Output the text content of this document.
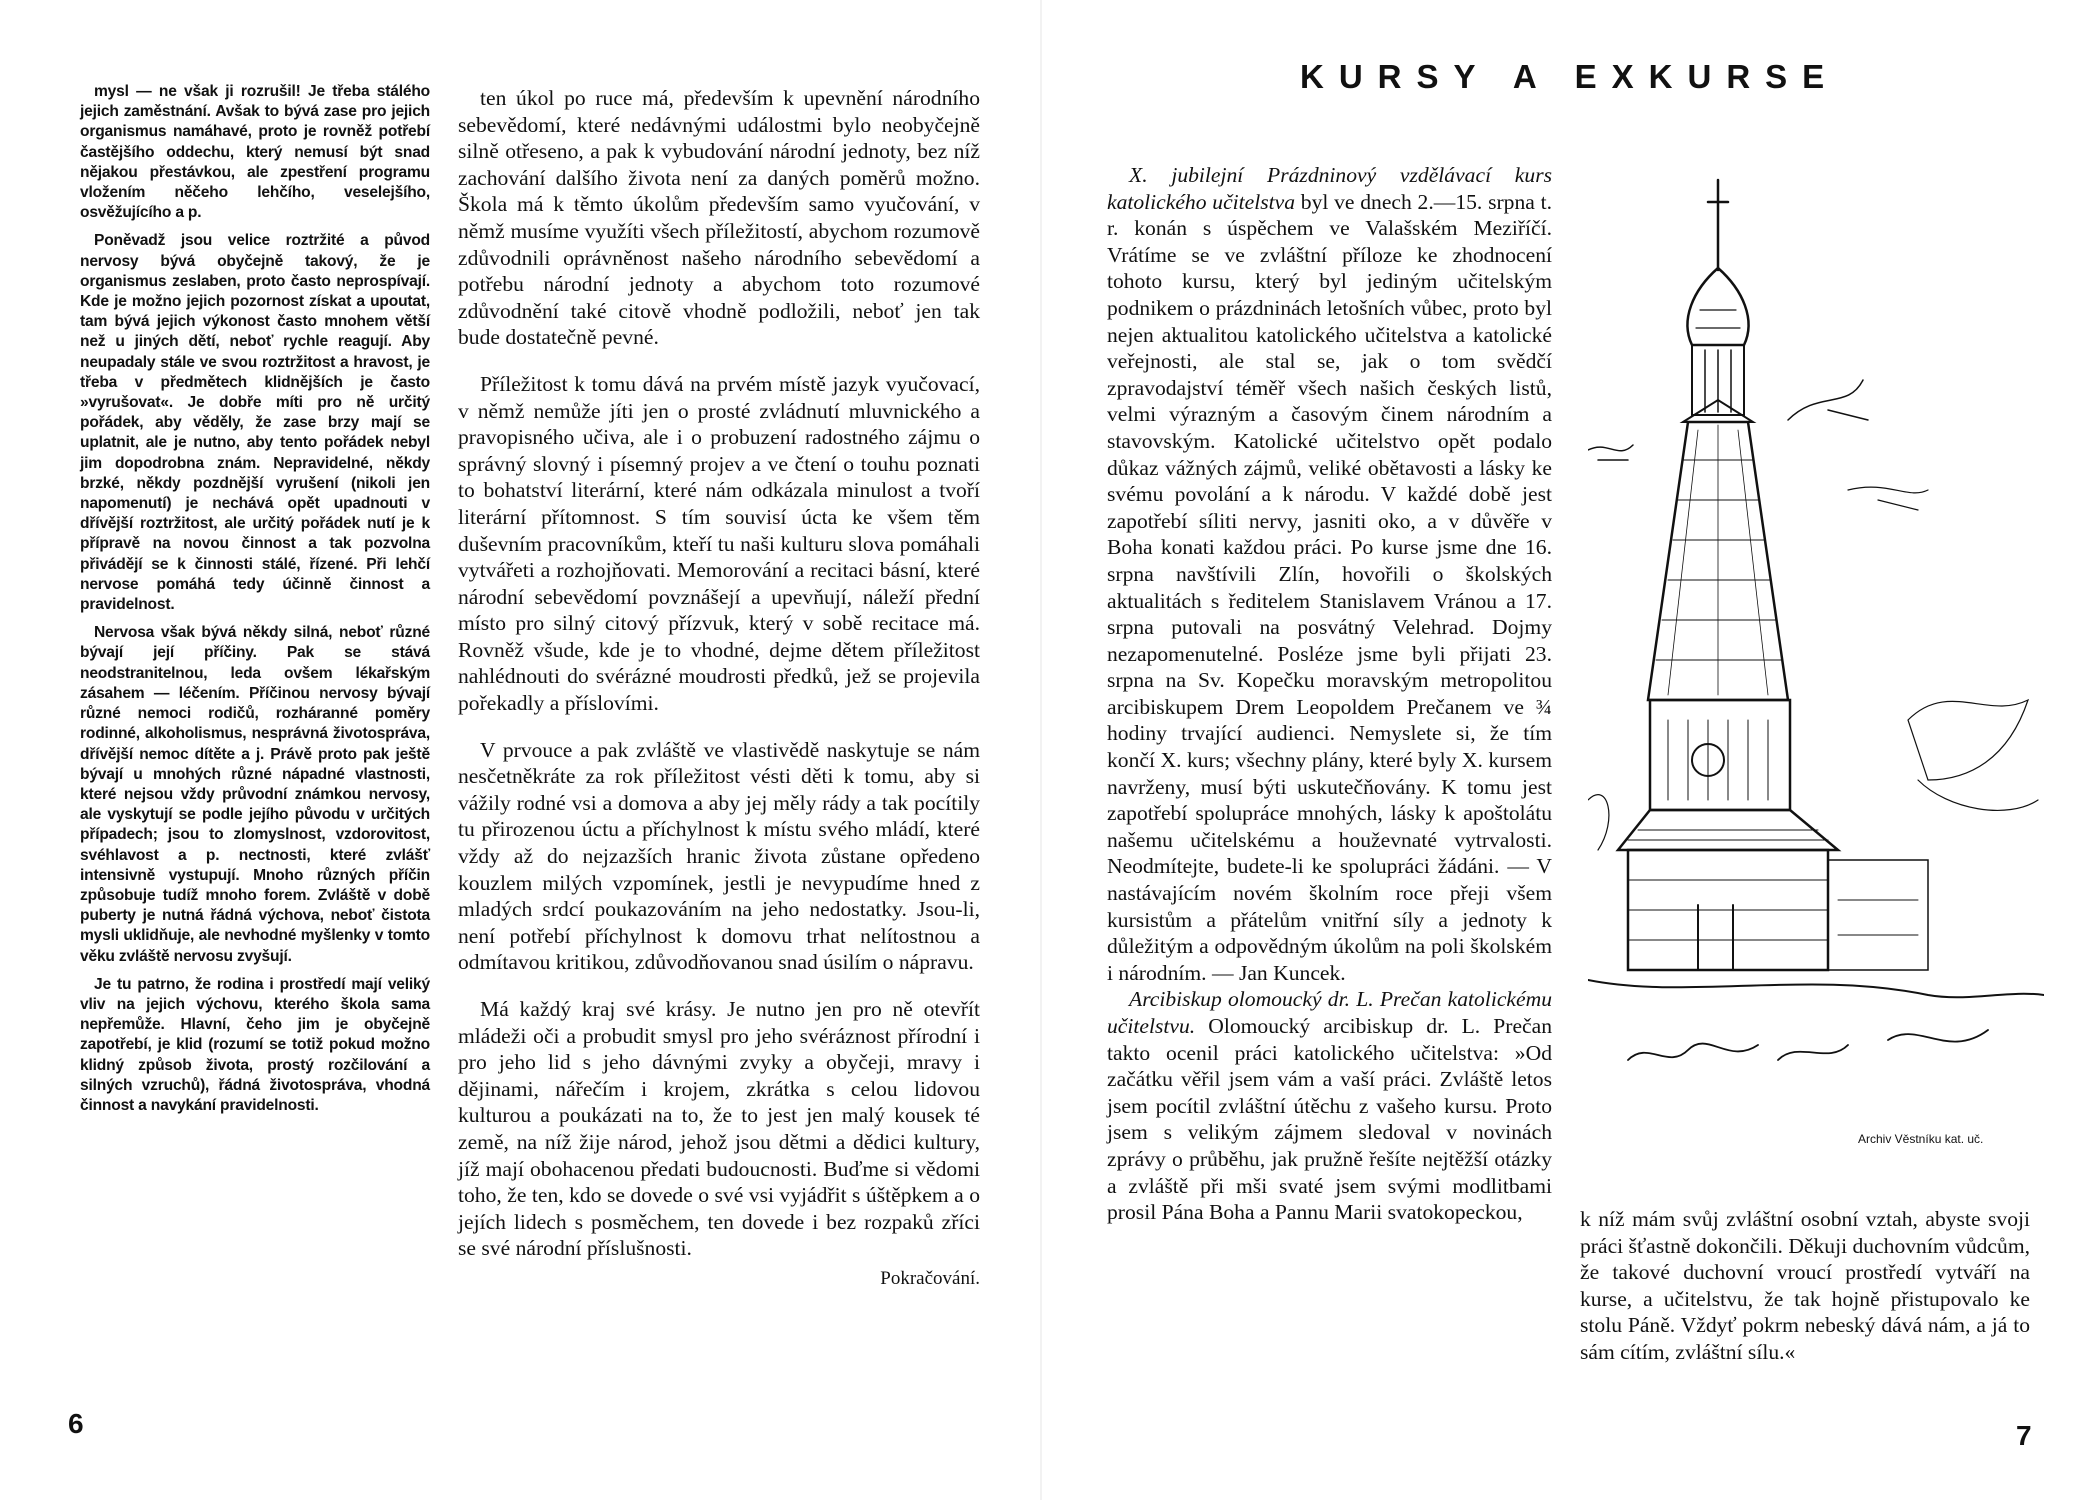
mysl — ne však ji rozrušil! Je třeba stálého jejich zaměstnání. Avšak to bývá zase pro jejich organismus namáhavé, proto je rovněž potřebí častějšího oddechu, který nemusí být snad nějakou přestávkou, ale zpestření programu vložením něčeho lehčího, veselejšího, osvěžujícího a p.

Poněvadž jsou velice roztržité a původ nervosy bývá obyčejně takový, že je organismus zeslaben, proto často neprospívají. Kde je možno jejich pozornost získat a upoutat, tam bývá jejich výkonost často mnohem větší než u jiných dětí, neboť rychle reagují. Aby neupadaly stále ve svou roztržitost a hravost, je třeba v předmětech klidnějších je často »vyrušovat«. Je dobře míti pro ně určitý pořádek, aby věděly, že zase brzy mají se uplatnit, ale je nutno, aby tento pořádek nebyl jim dopodrobna znám. Nepravidelné, někdy brzké, někdy pozdnější vyrušení (nikoli jen napomenutí) je nechává opět upadnouti v dřívější roztržitost, ale určitý pořádek nutí je k přípravě na novou činnost a tak pozvolna přivádějí se k činnosti stálé, řízené. Při lehčí nervose pomáhá tedy účinně činnost a pravidelnost.

Nervosa však bývá někdy silná, neboť různé bývají její příčiny. Pak se stává neodstranitelnou, leda ovšem lékařským zásahem — léčením. Příčinou nervosy bývají různé nemoci rodičů, rozháranné poměry rodinné, alkoholismus, nesprávná životospráva, dřívější nemoc dítěte a j. Právě proto pak ještě bývají u mnohých různé nápadné vlastnosti, které nejsou vždy průvodní známkou nervosy, ale vyskytují se podle jejího původu v určitých případech; jsou to zlomyslnost, vzdorovitost, svéhlavost a p. nectnosti, které zvlášť intensivně vystupují. Mnoho různých příčin způsobuje tudíž mnoho forem. Zvláště v době puberty je nutná řádná výchova, neboť čistota mysli uklidňuje, ale nevhodné myšlenky v tomto věku zvláště nervosu zvyšují.

Je tu patrno, že rodina i prostředí mají veliký vliv na jejich výchovu, kterého škola sama nepřemůže. Hlavní, čeho jim je obyčejně zapotřebí, je klid (rozumí se totiž pokud možno klidný způsob života, prostý rozčilování a silných vzruchů), řádná životospráva, vhodná činnost a navykání pravidelnosti.

ten úkol po ruce má, především k upevnění národního sebevědomí, které nedávnými událostmi bylo neobyčejně silně otřeseno, a pak k vybudování národní jednoty, bez níž zachování dalšího života není za daných poměrů možno. Škola má k těmto úkolům především samo vyučování, v němž musíme využíti všech příležitostí, abychom rozumově zdůvodnili oprávněnost našeho národního sebevědomí a potřebu národní jednoty a abychom toto rozumové zdůvodnění také citově vhodně podložili, neboť jen tak bude dostatečně pevné.

Příležitost k tomu dává na prvém místě jazyk vyučovací, v němž nemůže jíti jen o prosté zvládnutí mluvnického a pravopisného učiva, ale i o probuzení radostného zájmu o správný slovný i písemný projev a ve čtení o touhu poznati to bohatství literární, které nám odkázala minulost a tvoří literární přítomnost. S tím souvisí úcta ke všem těm duševním pracovníkům, kteří tu naši kulturu slova pomáhali vytvářeti a rozhojňovati. Memorování a recitaci básní, které národní sebevědomí povznášejí a upevňují, náleží přední místo pro silný citový přízvuk, který v sobě recitace má. Rovněž všude, kde je to vhodné, dejme dětem příležitost nahlédnouti do svérázné moudrosti předků, jež se projevila pořekadly a příslovími.

V prvouce a pak zvláště ve vlastivědě naskytuje se nám nesčetněkráte za rok příležitost vésti děti k tomu, aby si vážily rodné vsi a domova a aby jej měly rády a tak pocítily tu přirozenou úctu a příchylnost k místu svého mládí, které vždy až do nejzazších hranic života zůstane opředeno kouzlem milých vzpomínek, jestli je nevypudíme hned z mladých srdcí poukazováním na jeho nedostatky. Jsou-li, není potřebí příchylnost k domovu trhat nelítostnou a odmítavou kritikou, zdůvodňovanou snad úsilím o nápravu.

Má každý kraj své krásy. Je nutno jen pro ně otevřít mládeži oči a probudit smysl pro jeho svéráznost přírodní i pro jeho lid s jeho dávnými zvyky a obyčeji, mravy i dějinami, nářečím i krojem, zkrátka s celou lidovou kulturou a poukázati na to, že to jest jen malý kousek té země, na níž žije národ, jehož jsou dětmi a dědici kultury, jíž mají obohacenou předati budoucnosti. Buďme si vědomi toho, že ten, kdo se dovede o své vsi vyjádřit s úštěpkem a o jejích lidech s posměchem, ten dovede i bez rozpaků zříci se své národní příslušnosti.

Pokračování.

6
KURSY A EXKURSE

X. jubilejní Prázdninový vzdělávací kurs katolického učitelstva byl ve dnech 2.—15. srpna t. r. konán s úspěchem ve Valašském Meziříčí. Vrátíme se ve zvláštní příloze ke zhodnocení tohoto kursu, který byl jediným učitelským podnikem o prázdninách letošních vůbec, proto byl nejen aktualitou katolického učitelstva a katolické veřejnosti, ale stal se, jak o tom svědčí zpravodajství téměř všech našich českých listů, velmi výrazným a časovým činem národním a stavovským. Katolické učitelstvo opět podalo důkaz vážných zájmů, veliké obětavosti a lásky ke svému povolání a k národu. V každé době jest zapotřebí síliti nervy, jasniti oko, a v důvěře v Boha konati každou práci. Po kurse jsme dne 16. srpna navštívili Zlín, hovořili o školských aktualitách s ředitelem Stanislavem Vránou a 17. srpna putovali na posvátný Velehrad. Dojmy nezapomenutelné. Posléze jsme byli přijati 23. srpna na Sv. Kopečku moravským metropolitou arcibiskupem Drem Leopoldem Prečanem ve ¾ hodiny trvající audienci. Nemyslete si, že tím končí X. kurs; všechny plány, které byly X. kursem navrženy, musí býti uskutečňovány. K tomu jest zapotřebí spolupráce mnohých, lásky k apoštolátu našemu učitelskému a houževnaté vytrvalosti. Neodmítejte, budete-li ke spolupráci žádáni. — V nastávajícím novém školním roce přeji všem kursistům a přátelům vnitřní síly a jednoty k důležitým a odpovědným úkolům na poli školském i národním. — Jan Kuncek.

Arcibiskup olomoucký dr. L. Prečan katolickému učitelstvu. Olomoucký arcibiskup dr. L. Prečan takto ocenil práci katolického učitelstva: »Od začátku věřil jsem vám a vaší práci. Zvláště letos jsem pocítil zvláštní útěchu z vašeho kursu. Proto jsem s velikým zájmem sledoval v novinách zprávy o průběhu, jak pružně řešíte nejtěžší otázky a zvláště při mši svaté jsem svými modlitbami prosil Pána Boha a Pannu Marii svatokopeckou,

Archiv Věstníku kat. uč.

k níž mám svůj zvláštní osobní vztah, abyste svoji práci šťastně dokončili. Děkuji duchovním vůdcům, že takové duchovní vroucí prostředí vytváří na kurse, a učitelstvu, že tak hojně přistupovalo ke stolu Páně. Vždyť pokrm nebeský dává nám, a já to sám cítím, zvláštní sílu.«

7
